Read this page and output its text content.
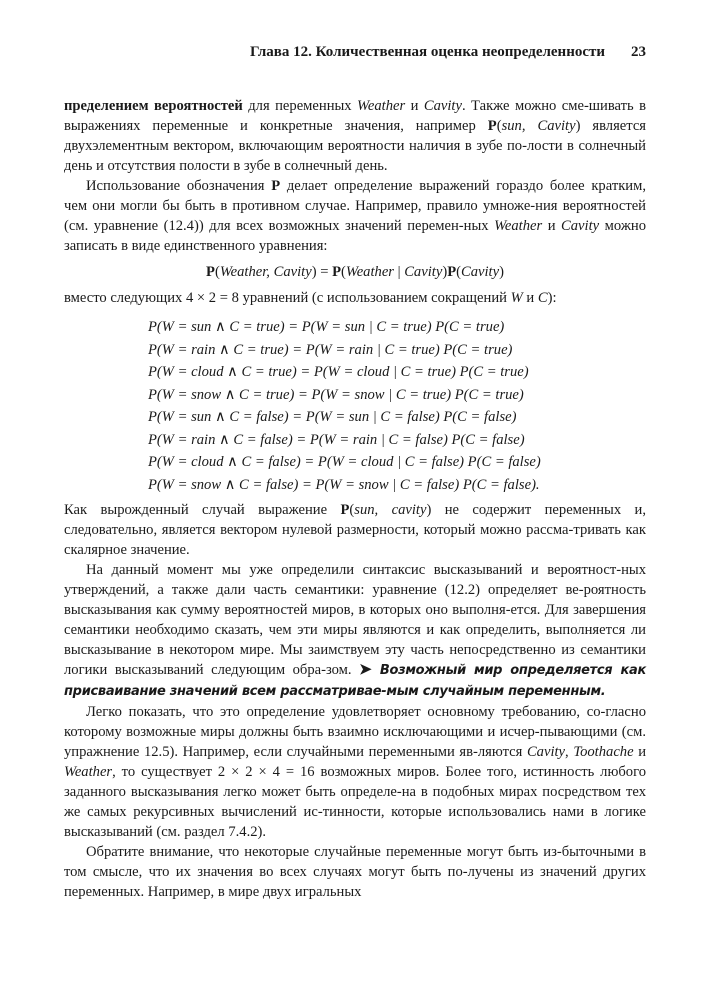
Глава 12. Количественная оценка неопределенности 23

пределением вероятностей для переменных Weather и Cavity. Также можно сме-шивать в выражениях переменные и конкретные значения, например P(sun, Cavity) является двухэлементным вектором, включающим вероятности наличия в зубе по-лости в солнечный день и отсутствия полости в зубе в солнечный день.

Использование обозначения P делает определение выражений гораздо более кратким, чем они могли бы быть в противном случае. Например, правило умноже-ния вероятностей (см. уравнение (12.4)) для всех возможных значений перемен-ных Weather и Cavity можно записать в виде единственного уравнения:

P(Weather, Cavity) = P(Weather | Cavity)P(Cavity)

вместо следующих 4 × 2 = 8 уравнений (с использованием сокращений W и C):

P(W = sun ∧ C = true) = P(W = sun | C = true) P(C = true)
P(W = rain ∧ C = true) = P(W = rain | C = true) P(C = true)
P(W = cloud ∧ C = true) = P(W = cloud | C = true) P(C = true)
P(W = snow ∧ C = true) = P(W = snow | C = true) P(C = true)
P(W = sun ∧ C = false) = P(W = sun | C = false) P(C = false)
P(W = rain ∧ C = false) = P(W = rain | C = false) P(C = false)
P(W = cloud ∧ C = false) = P(W = cloud | C = false) P(C = false)
P(W = snow ∧ C = false) = P(W = snow | C = false) P(C = false).

Как вырожденный случай выражение P(sun, cavity) не содержит переменных и, следовательно, является вектором нулевой размерности, который можно рассма-тривать как скалярное значение.

На данный момент мы уже определили синтаксис высказываний и вероятност-ных утверждений, а также дали часть семантики: уравнение (12.2) определяет ве-роятность высказывания как сумму вероятностей миров, в которых оно выполня-ется. Для завершения семантики необходимо сказать, чем эти миры являются и как определить, выполняется ли высказывание в некотором мире. Мы заимствуем эту часть непосредственно из семантики логики высказываний следующим обра-зом. ➤ Возможный мир определяется как присваивание значений всем рассматривае-мым случайным переменным.

Легко показать, что это определение удовлетворяет основному требованию, со-гласно которому возможные миры должны быть взаимно исключающими и исчер-пывающими (см. упражнение 12.5). Например, если случайными переменными яв-ляются Cavity, Toothache и Weather, то существует 2 × 2 × 4 = 16 возможных миров. Более того, истинность любого заданного высказывания легко может быть определе-на в подобных мирах посредством тех же самых рекурсивных вычислений ис-тинности, которые использовались нами в логике высказываний (см. раздел 7.4.2).

Обратите внимание, что некоторые случайные переменные могут быть из-быточными в том смысле, что их значения во всех случаях могут быть по-лучены из значений других переменных. Например, в мире двух игральных
